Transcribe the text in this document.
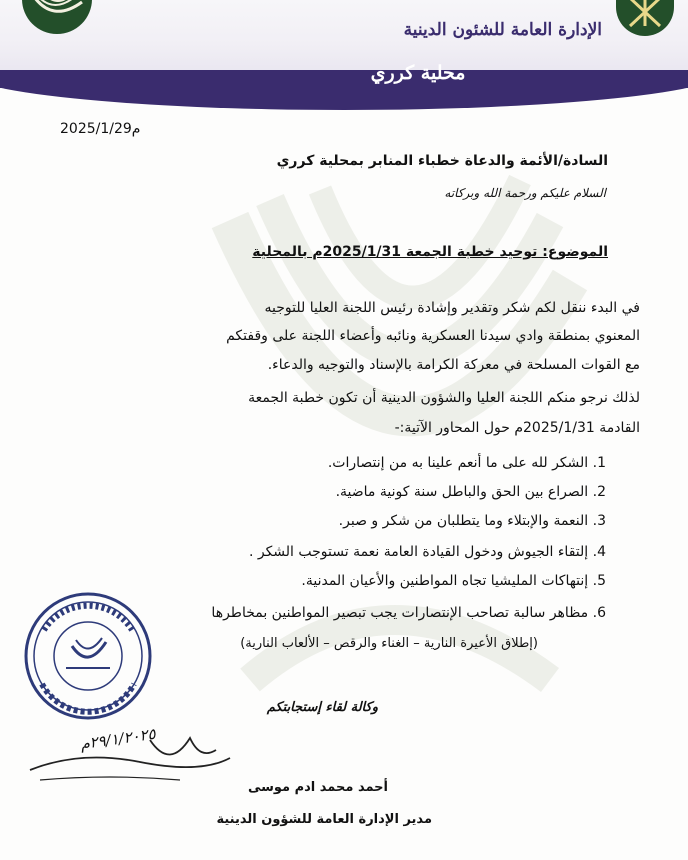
الإدارة العامة للشئون الدينية
محلية كرري
2025/1/29م
السادة/الأئمة والدعاة خطباء المنابر بمحلية كرري
السلام عليكم ورحمة الله وبركاته
الموضوع: توحيد خطبة الجمعة 2025/1/31م بالمحلية
في البدء ننقل لكم شكر وتقدير وإشادة رئيس اللجنة العليا للتوجيه
المعنوي بمنطقة وادي سيدنا العسكرية ونائبه وأعضاء اللجنة على وقفتكم
مع القوات المسلحة في معركة الكرامة بالإسناد والتوجيه والدعاء.
لذلك نرجو منكم اللجنة العليا والشؤون الدينية أن تكون خطبة الجمعة
القادمة 2025/1/31م حول المحاور الآتية:-
1. الشكر لله على ما أنعم علينا به من إنتصارات.
2. الصراع بين الحق والباطل سنة كونية ماضية.
3. النعمة والإبتلاء وما يتطلبان من شكر و صبر.
4. إلتقاء الجيوش ودخول القيادة العامة نعمة تستوجب الشكر .
5. إنتهاكات المليشيا تجاه المواطنين والأعيان المدنية.
6. مظاهر سالبة تصاحب الإنتصارات يجب تبصير المواطنين بمخاطرها
(إطلاق الأعيرة النارية – الغناء والرقص – الألعاب النارية)
وكالة لقاء إستجابتكم
٢٩/١/٢٠٢٥م
أحمد محمد ادم موسى
مدير الإدارة العامة للشؤون الدينية
